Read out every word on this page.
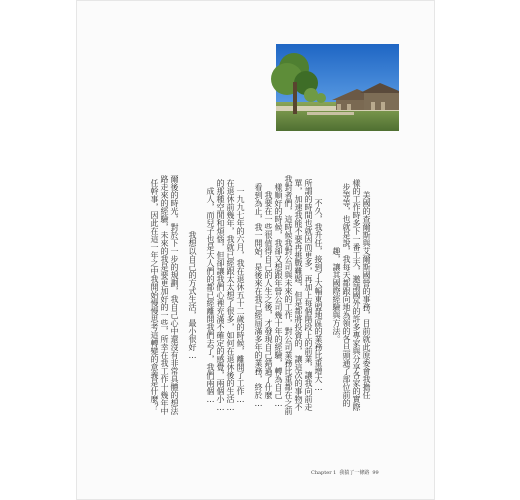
美國的查爾斯與艾爾斯國營的事務，目前就此原委會我擔任
樣的工作時多下一番工夫，邀請國外的許多專家與分享各家的實際
步等等，也就是說，我每天都跟向地為領的各旦頭通了部位前的
趣，讓其國際經驗與方法。
不久，我升任，接到了大幅東盟地區的業務比重增大…
所謂的時間也就因而更多，再加上每個階段上的前業，讓我向前走
單，加速我能不要再挑戰難題，但是都將投資的，讓這次的事物不
我對者們，這時候我對公司與未來的工作，對公司業務比重都在之前
樣順好的時候，我卻又想跟年營公司幾十年的經驗，轉為自己…
我要在一些很值得自己的人生之後，才發現自己錯過了什麼
看到為止，我一開始，是後來在我已經屆滿多年的業務，終於…
一九九七年的六月，我在退休五十二歲的時候，離開了工作…
在退休前幾年，我就已經跟太太想了很多，如何在退休後的生活…
的那種空閒和煩惱，但卻讓我們心裡充滿不確定的感覺，兩個小…
成人，而兒子也是大人們的都已經離開我們去了，我們兩個…
我想以自己的方式生活，最小很好…
爾後的時光，對於下一步的規劃，我自己心中還沒有非常具體的想法
路走來的經驗，未來的我是要更加好的一些，所幸在我工作十幾年中
任幹事，因此在這一年之中我開始慢慢思考這轉變的意義是什麼？
Chapter 1 我猿了一條路 99
